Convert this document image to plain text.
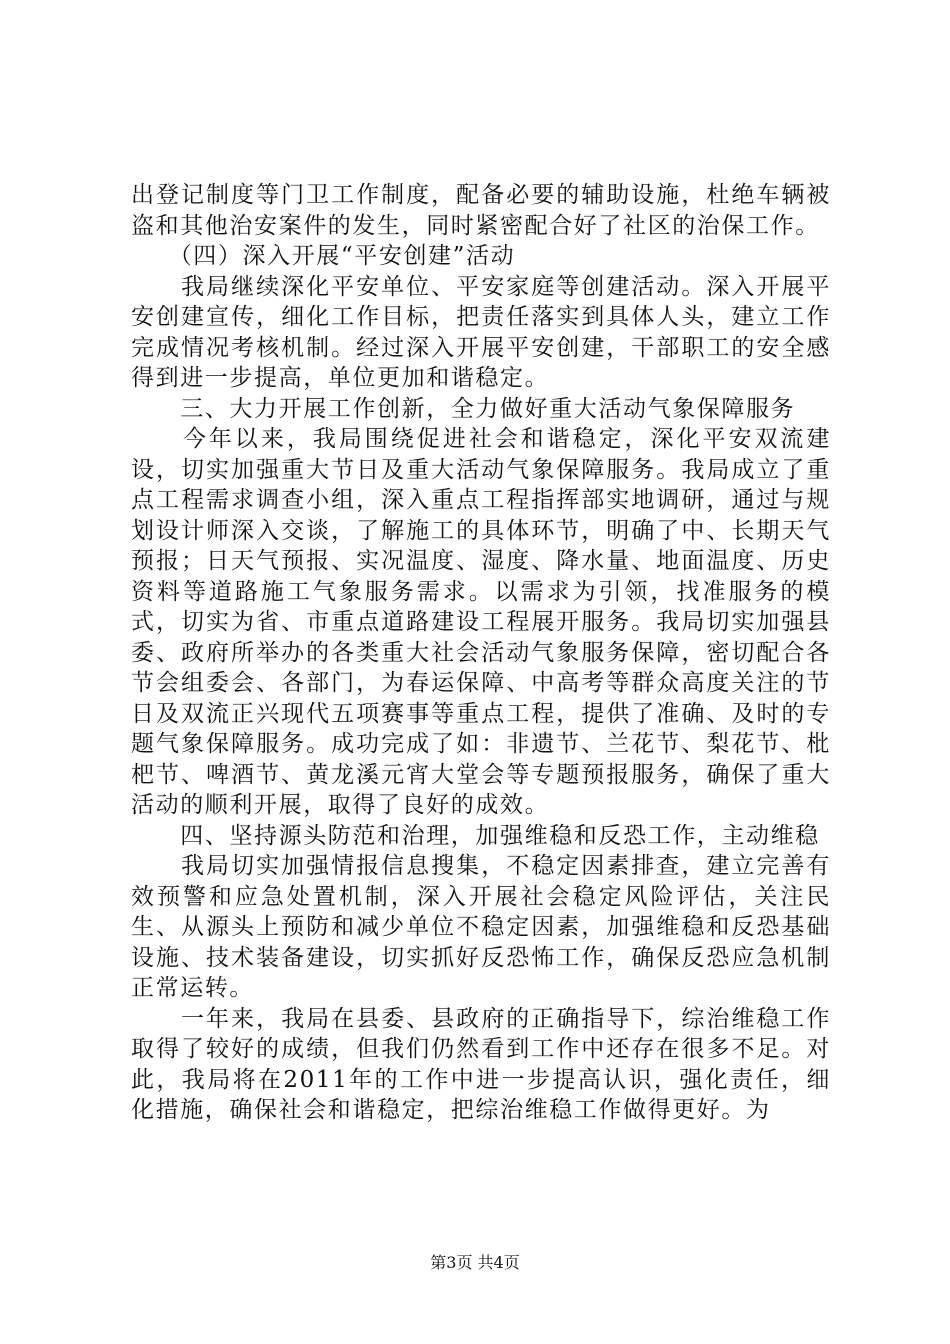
出登记制度等门卫工作制度，配备必要的辅助设施，杜绝车辆被盗和其他治安案件的发生，同时紧密配合好了社区的治保工作。

　　（四）深入开展“平安创建”活动

　　我局继续深化平安单位、平安家庭等创建活动。深入开展平安创建宣传，细化工作目标，把责任落实到具体人头，建立工作完成情况考核机制。经过深入开展平安创建，干部职工的安全感得到进一步提高，单位更加和谐稳定。

　　三、大力开展工作创新，全力做好重大活动气象保障服务

　　今年以来，我局围绕促进社会和谐稳定，深化平安双流建设，切实加强重大节日及重大活动气象保障服务。我局成立了重点工程需求调查小组，深入重点工程指挥部实地调研，通过与规划设计师深入交谈，了解施工的具体环节，明确了中、长期天气预报；日天气预报、实况温度、湿度、降水量、地面温度、历史资料等道路施工气象服务需求。以需求为引领，找准服务的模式，切实为省、市重点道路建设工程展开服务。我局切实加强县委、政府所举办的各类重大社会活动气象服务保障，密切配合各节会组委会、各部门，为春运保障、中高考等群众高度关注的节日及双流正兴现代五项赛事等重点工程，提供了准确、及时的专题气象保障服务。成功完成了如：非遗节、兰花节、梨花节、枇杷节、啤酒节、黄龙溪元宵大堂会等专题预报服务，确保了重大活动的顺利开展，取得了良好的成效。

　　四、坚持源头防范和治理，加强维稳和反恐工作，主动维稳

　　我局切实加强情报信息搜集，不稳定因素排查，建立完善有效预警和应急处置机制，深入开展社会稳定风险评估，关注民生、从源头上预防和减少单位不稳定因素，加强维稳和反恐基础设施、技术装备建设，切实抓好反恐怖工作，确保反恐应急机制正常运转。

　　一年来，我局在县委、县政府的正确指导下，综治维稳工作取得了较好的成绩，但我们仍然看到工作中还存在很多不足。对此，我局将在2011年的工作中进一步提高认识，强化责任，细化措施，确保社会和谐稳定，把综治维稳工作做得更好。为

第3页 共4页
